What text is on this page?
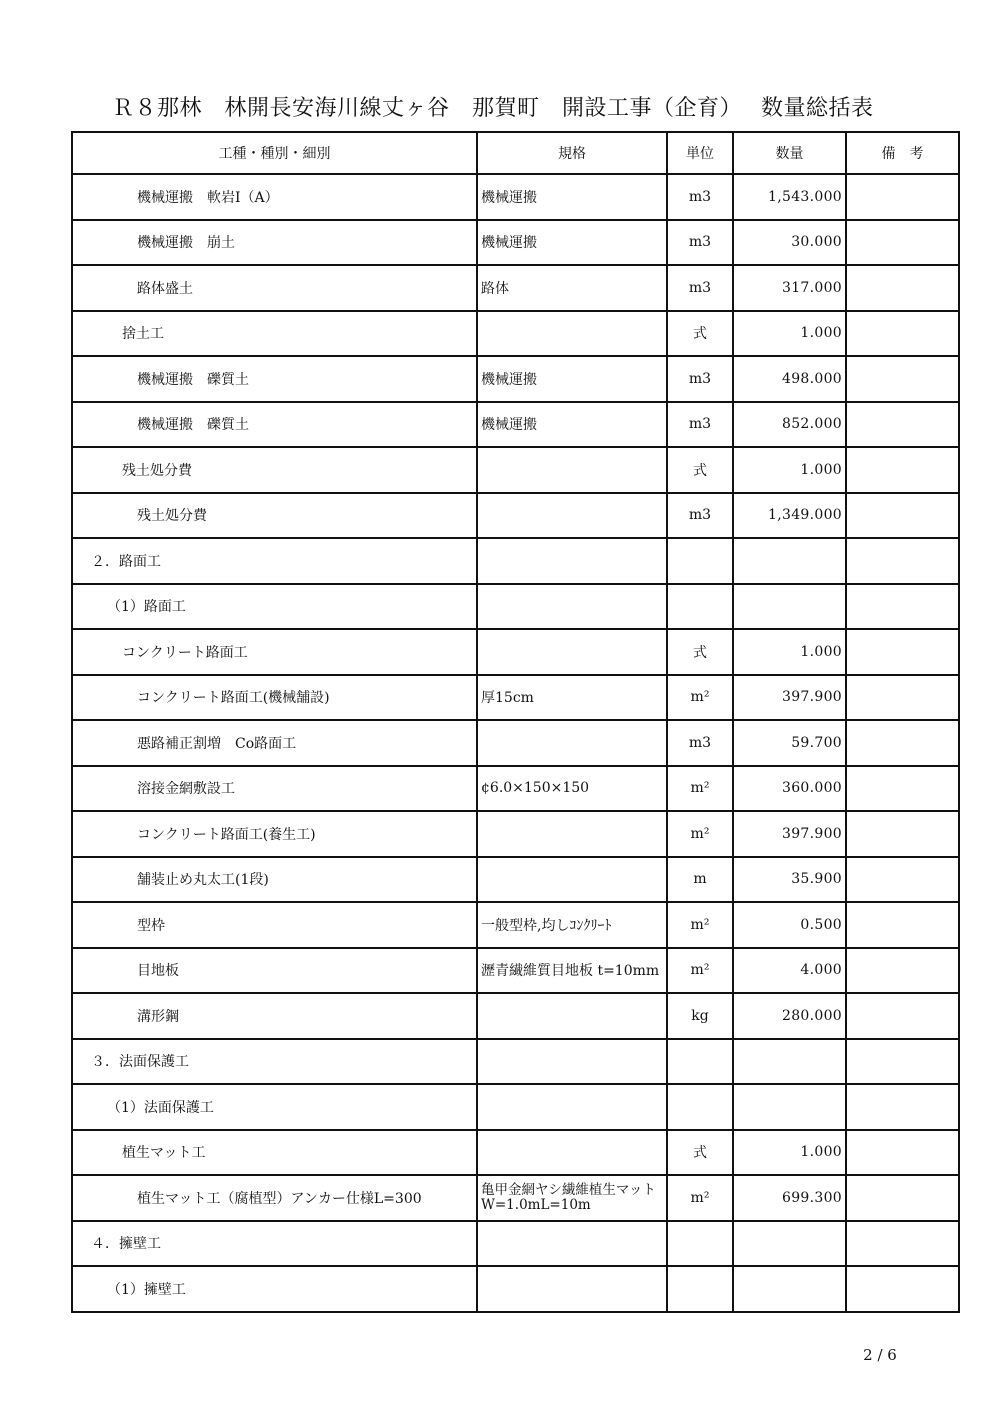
Ｒ８那林　林開長安海川線丈ヶ谷　那賀町　開設工事（企育）　 数量総括表
工種・種別・細別	規格	単位	数量	備　考
機械運搬　軟岩Ⅰ（A）	機械運搬	m3	1,543.000	
機械運搬　崩土	機械運搬	m3	30.000	
路体盛土	路体	m3	317.000	
捨土工		式	1.000	
機械運搬　礫質土	機械運搬	m3	498.000	
機械運搬　礫質土	機械運搬	m3	852.000	
残土処分費		式	1.000	
残土処分費		m3	1,349.000	
２．路面工				
（1）路面工				
コンクリート路面工		式	1.000	
コンクリート路面工(機械舗設)	厚15cm	m²	397.900	
悪路補正割増　Co路面工		m3	59.700	
溶接金網敷設工	¢6.0×150×150	m²	360.000	
コンクリート路面工(養生工)		m²	397.900	
舗装止め丸太工(1段)		m	35.900	
型枠	一般型枠,均しｺﾝｸﾘｰﾄ	m²	0.500	
目地板	瀝青繊維質目地板 t=10mm	m²	4.000	
溝形鋼		kg	280.000	
３．法面保護工				
（1）法面保護工				
植生マット工		式	1.000	
植生マット工（腐植型）アンカー仕様L=300	亀甲金網ヤシ繊維植生マットW=1.0mL=10m	m²	699.300	
４．擁壁工				
（1）擁壁工				
2 / 6
